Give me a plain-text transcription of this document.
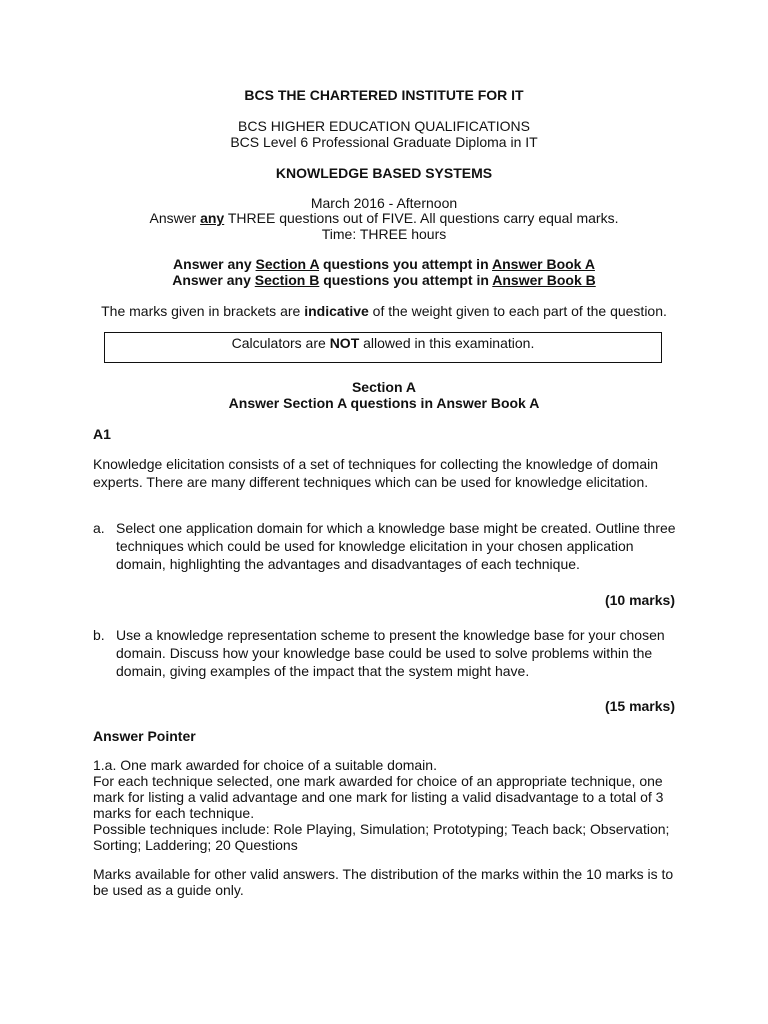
BCS THE CHARTERED INSTITUTE FOR IT
BCS HIGHER EDUCATION QUALIFICATIONS
BCS Level 6 Professional Graduate Diploma in IT
KNOWLEDGE BASED SYSTEMS
March 2016 - Afternoon
Answer any THREE questions out of FIVE. All questions carry equal marks.
Time: THREE hours
Answer any Section A questions you attempt in Answer Book A
Answer any Section B questions you attempt in Answer Book B
The marks given in brackets are indicative of the weight given to each part of the question.
Calculators are NOT allowed in this examination.
Section A
Answer Section A questions in Answer Book A
A1
Knowledge elicitation consists of a set of techniques for collecting the knowledge of domain experts. There are many different techniques which can be used for knowledge elicitation.
a. Select one application domain for which a knowledge base might be created. Outline three techniques which could be used for knowledge elicitation in your chosen application domain, highlighting the advantages and disadvantages of each technique.
(10 marks)
b. Use a knowledge representation scheme to present the knowledge base for your chosen domain. Discuss how your knowledge base could be used to solve problems within the domain, giving examples of the impact that the system might have.
(15 marks)
Answer Pointer
1.a. One mark awarded for choice of a suitable domain.
For each technique selected, one mark awarded for choice of an appropriate technique, one mark for listing a valid advantage and one mark for listing a valid disadvantage to a total of 3 marks for each technique.
Possible techniques include: Role Playing, Simulation; Prototyping; Teach back; Observation; Sorting; Laddering; 20 Questions
Marks available for other valid answers. The distribution of the marks within the 10 marks is to be used as a guide only.
